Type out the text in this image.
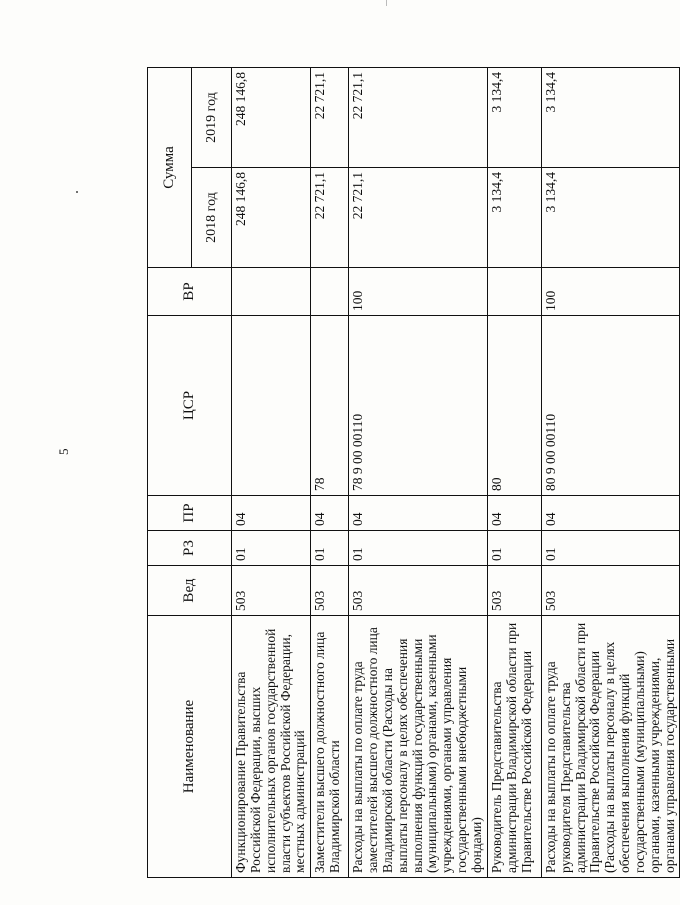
5
Наименование	Вед	РЗ	ПР	ЦСР	ВР	Сумма	
						2018 год	2019 год
Функционирование Правительства Российской Федерации, высших исполнительных органов государственной власти субъектов Российской Федерации, местных администраций	503	01	04			248 146,8	248 146,8
Заместители высшего должностного лица Владимирской области	503	01	04	78		22 721,1	22 721,1
Расходы на выплаты по оплате труда заместителей высшего должностного лица Владимирской области (Расходы на выплаты персоналу в целях обеспечения выполнения функций государственными (муниципальными) органами, казенными учреждениями, органами управления государственными внебюджетными фондами)	503	01	04	78 9 00 00110	100	22 721,1	22 721,1
Руководитель Представительства администрации Владимирской области при Правительстве Российской Федерации	503	01	04	80		3 134,4	3 134,4
Расходы на выплаты по оплате труда руководителя Представительства администрации Владимирской области при Правительстве Российской Федерации (Расходы на выплаты персоналу в целях обеспечения выполнения функций государственными (муниципальными) органами, казенными учреждениями, органами управления государственными	503	01	04	80 9 00 00110	100	3 134,4	3 134,4
